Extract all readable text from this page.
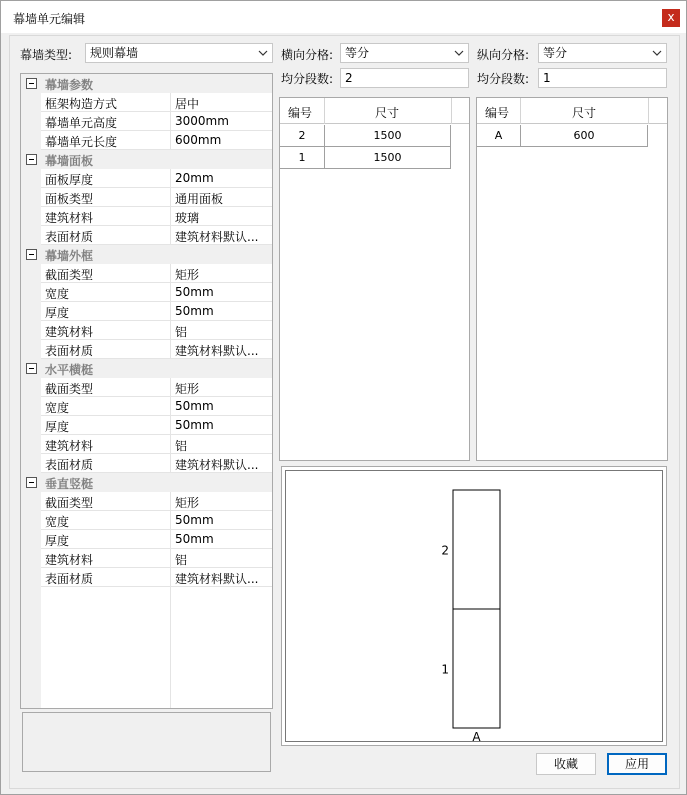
幕墙单元编辑	x
幕墙类型:	规则幕墙	横向分格: 等分
均分段数: 2
纵向分格:	等分
均分段数:	1
幕墙参数
框架构造方式	居中
幕墙单元高度	3000mm
幕墙单元长度	600mm
幕墙面板
面板厚度	20mm
面板类型	通用面板
建筑材料	玻璃
表面材质	建筑材料默认...
幕墙外框
截面类型	矩形
宽度	50mm
厚度	50mm
建筑材料	铝
表面材质	建筑材料默认...
水平横梃
截面类型	矩形
宽度	50mm
厚度	50mm
建筑材料	铝
表面材质	建筑材料默认...
垂直竖梃
截面类型	矩形
宽度	50mm
厚度	50mm
建筑材料	铝
表面材质	建筑材料默认...
编号	尺寸
2	1500
1	1500
编号	尺寸
A	600
2
1
A
收藏	应用
